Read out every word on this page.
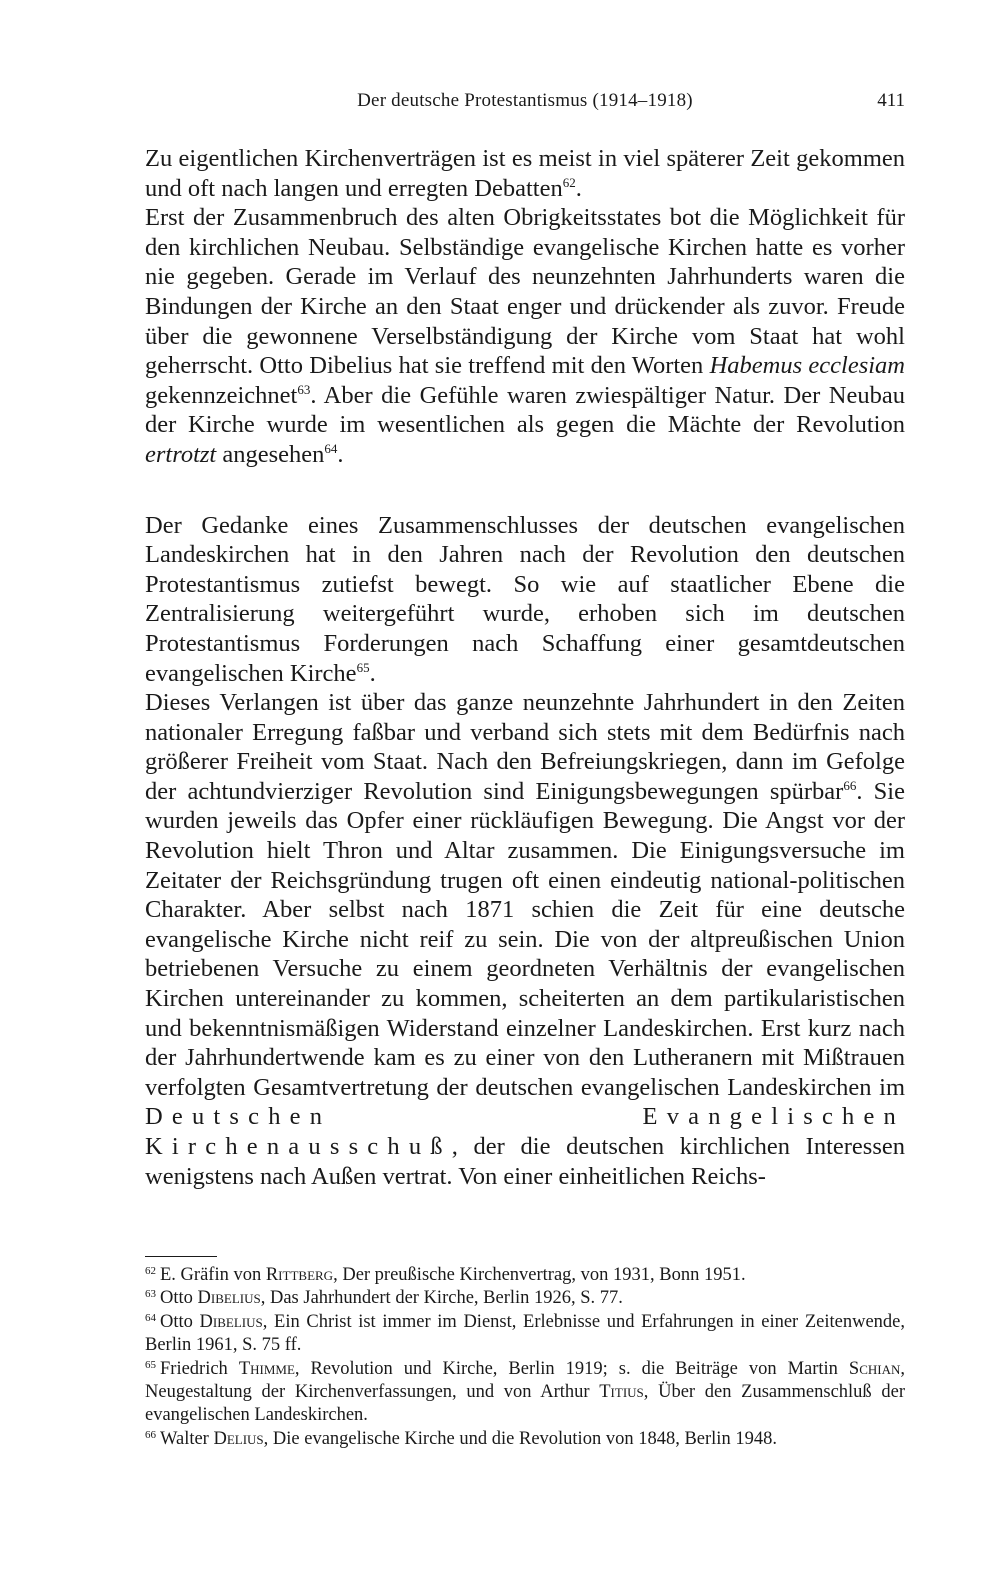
Der deutsche Protestantismus (1914–1918)	411

Zu eigentlichen Kirchenverträgen ist es meist in viel späterer Zeit gekommen und oft nach langen und erregten Debatten$^{62}$.

Erst der Zusammenbruch des alten Obrigkeitsstates bot die Möglichkeit für den kirchlichen Neubau. Selbständige evangelische Kirchen hatte es vorher nie gegeben. Gerade im Verlauf des neunzehnten Jahrhunderts waren die Bindungen der Kirche an den Staat enger und drückender als zuvor. Freude über die gewonnene Verselbständigung der Kirche vom Staat hat wohl geherrscht. Otto Dibelius hat sie treffend mit den Worten Habemus ecclesiam gekennzeichnet$^{63}$. Aber die Gefühle waren zwiespältiger Natur. Der Neubau der Kirche wurde im wesentlichen als gegen die Mächte der Revolution ertrotzt angesehen$^{64}$.

Der Gedanke eines Zusammenschlusses der deutschen evangelischen Landeskirchen hat in den Jahren nach der Revolution den deutschen Protestantismus zutiefst bewegt. So wie auf staatlicher Ebene die Zentralisierung weitergeführt wurde, erhoben sich im deutschen Protestantismus Forderungen nach Schaffung einer gesamtdeutschen evangelischen Kirche$^{65}$.

Dieses Verlangen ist über das ganze neunzehnte Jahrhundert in den Zeiten nationaler Erregung faßbar und verband sich stets mit dem Bedürfnis nach größerer Freiheit vom Staat. Nach den Befreiungskriegen, dann im Gefolge der achtundvierziger Revolution sind Einigungsbewegungen spürbar$^{66}$. Sie wurden jeweils das Opfer einer rückläufigen Bewegung. Die Angst vor der Revolution hielt Thron und Altar zusammen. Die Einigungsversuche im Zeitater der Reichsgründung trugen oft einen eindeutig national-politischen Charakter. Aber selbst nach 1871 schien die Zeit für eine deutsche evangelische Kirche nicht reif zu sein. Die von der altpreußischen Union betriebenen Versuche zu einem geordneten Verhältnis der evangelischen Kirchen untereinander zu kommen, scheiterten an dem partikularistischen und bekenntnismäßigen Widerstand einzelner Landeskirchen. Erst kurz nach der Jahrhundertwende kam es zu einer von den Lutheranern mit Mißtrauen verfolgten Gesamtvertretung der deutschen evangelischen Landeskirchen im Deutschen Evangelischen Kirchenausschuß, der die deutschen kirchlichen Interessen wenigstens nach Außen vertrat. Von einer einheitlichen Reichs-

$^{62}$ E. Gräfin von Rittberg, Der preußische Kirchenvertrag, von 1931, Bonn 1951.

$^{63}$ Otto Dibelius, Das Jahrhundert der Kirche, Berlin 1926, S. 77.

$^{64}$ Otto Dibelius, Ein Christ ist immer im Dienst, Erlebnisse und Erfahrungen in einer Zeitenwende, Berlin 1961, S. 75 ff.

$^{65}$ Friedrich Thimme, Revolution und Kirche, Berlin 1919; s. die Beiträge von Martin Schian, Neugestaltung der Kirchenverfassungen, und von Arthur Titius, Über den Zusammenschluß der evangelischen Landeskirchen.

$^{66}$ Walter Delius, Die evangelische Kirche und die Revolution von 1848, Berlin 1948.
